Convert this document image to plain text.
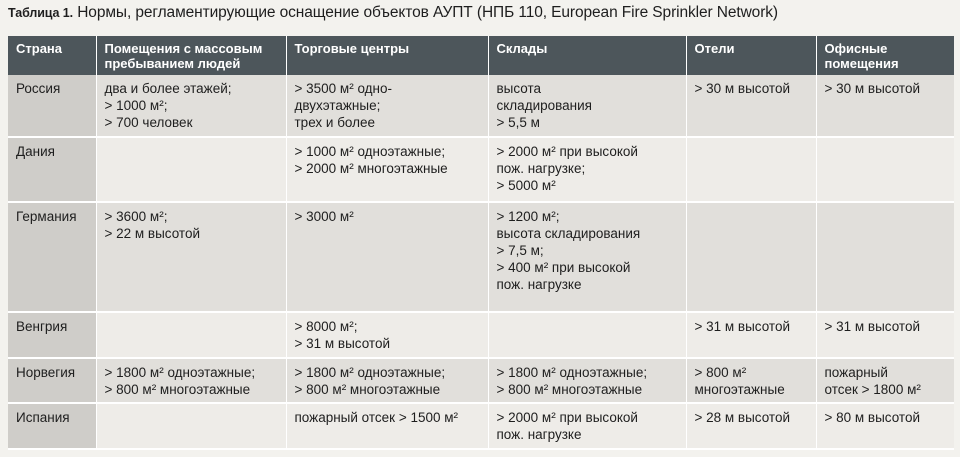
Таблица 1. Нормы, регламентирующие оснащение объектов АУПТ (НПБ 110, European Fire Sprinkler Network)
Страна	Помещения с массовым пребыванием людей	Торговые центры	Склады	Отели	Офисные помещения
Россия	два и более этажей;
> 1000 м²;
> 700 человек	> 3500 м² одно-
двухэтажные;
трех и более	высота
складирования
> 5,5 м	> 30 м высотой	> 30 м высотой

Дания		> 1000 м² одноэтажные;
> 2000 м² многоэтажные	> 2000 м² при высокой
пож. нагрузке;
> 5000 м²		

Германия	> 3600 м²;
> 22 м высотой	> 3000 м²	> 1200 м²;
высота складирования
> 7,5 м;
> 400 м² при высокой
пож. нагрузке		

Венгрия		> 8000 м²;
> 31 м высотой		> 31 м высотой	> 31 м высотой

Норвегия	> 1800 м² одноэтажные;
> 800 м² многоэтажные	> 1800 м² одноэтажные;
> 800 м² многоэтажные	> 1800 м² одноэтажные;
> 800 м² многоэтажные	> 800 м²
многоэтажные	пожарный
отсек > 1800 м²

Испания		пожарный отсек > 1500 м²	> 2000 м² при высокой
пож. нагрузке	> 28 м высотой	> 80 м высотой
